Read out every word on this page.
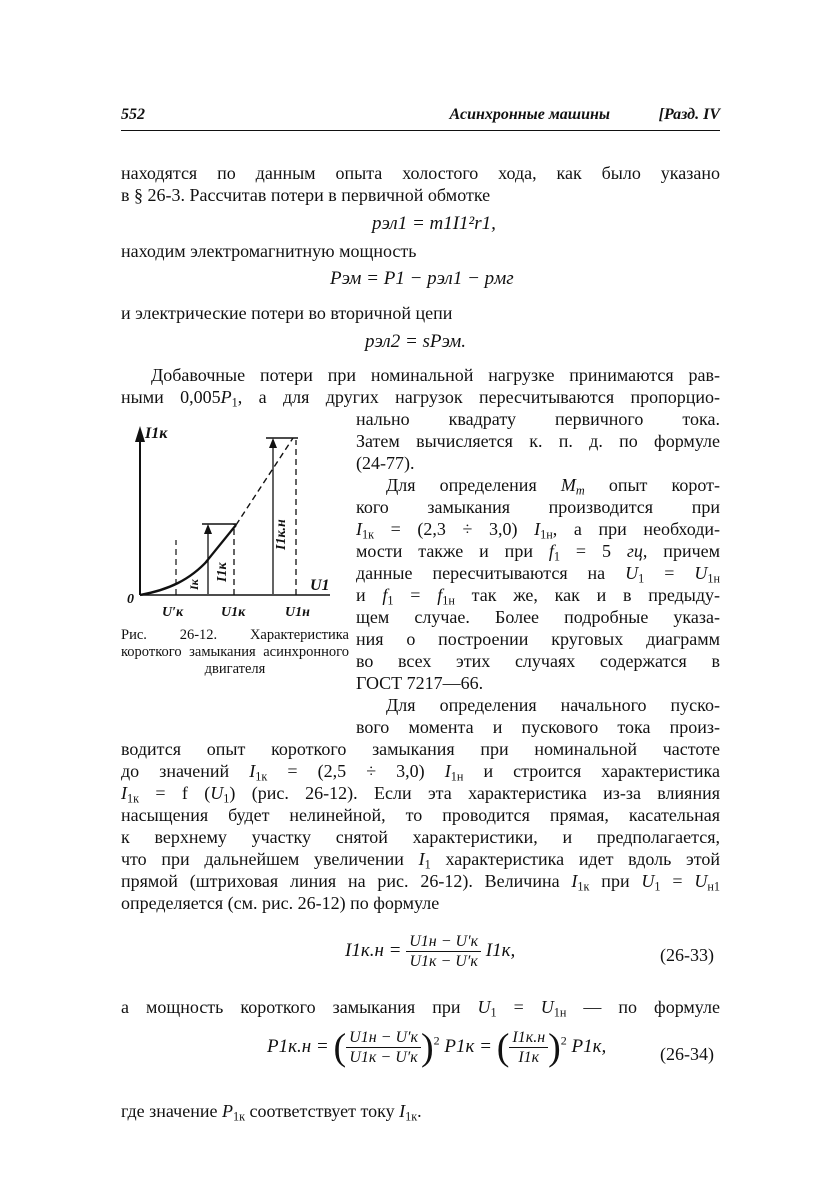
552	Асинхронные машины	[Разд. IV

находятся по данным опыта холостого хода, как было указано

в § 26-3. Рассчитав потери в первичной обмотке

pэл1 = m1I1²r1,

находим электромагнитную мощность

Pэм = P1 − pэл1 − pмг

и электрические потери во вторичной цепи

pэл2 = sPэм.

Добавочные потери при номинальной нагрузке принимаются рав-

ными $0,005P_1$, а для других нагрузок пересчитываются пропорцио-

нально квадрату первичного тока.

Затем вычисляется к. п. д. по формуле

(24-77).

Для определения $M_m$ опыт корот-

кого замыкания производится при

$I_{1к} = (2,3 \div 3,0)$ $I_{1н}$, а при необходи-

мости также и при $f_1 = 5$ гц, причем

данные пересчитываются на $U_1 = U_{1н}$

и $f_1 = f_{1н}$ так же, как и в предыду-

щем случае. Более подробные указа-

ния о построении круговых диаграмм

во всех этих случаях содержатся в

ГОСТ 7217—66.

Для определения начального пуско-

вого момента и пускового тока произ-

водится опыт короткого замыкания при номинальной частоте

до значений $I_{1к} = (2,5 \div 3,0)$ $I_{1н}$ и строится характеристика

$I_{1к} = f$ $(U_1)$ (рис. 26-12). Если эта характеристика из-за влияния

насыщения будет нелинейной, то проводится прямая, касательная

к верхнему участку снятой характеристики, и предполагается,

что при дальнейшем увеличении $I_1$ характеристика идет вдоль этой

прямой (штриховая линия на рис. 26-12). Величина $I_{1к}$ при $U_1 = U_{н1}$

определяется (см. рис. 26-12) по формуле

$I1к.н = \frac{U1н - U'к}{U1к - U'к} I1к$,	(26-33)

а мощность короткого замыкания при $U_1 = U_{1н}$ — по формуле

P1к.н = ( $\frac{U1н - U'к}{U1к - U'к} )^2$ P1к = ( $\frac{I1к.н}{I1к} )^2$ P1к,	(26-34)

где значение $P_{1к}$ соответствует току $I_{1к}$.

I1к
U1
0
U′к	U1к	U1н
I1к
I1к.н
Iк
Рис. 26-12. Характеристика короткого замыкания асинхронного двигателя
